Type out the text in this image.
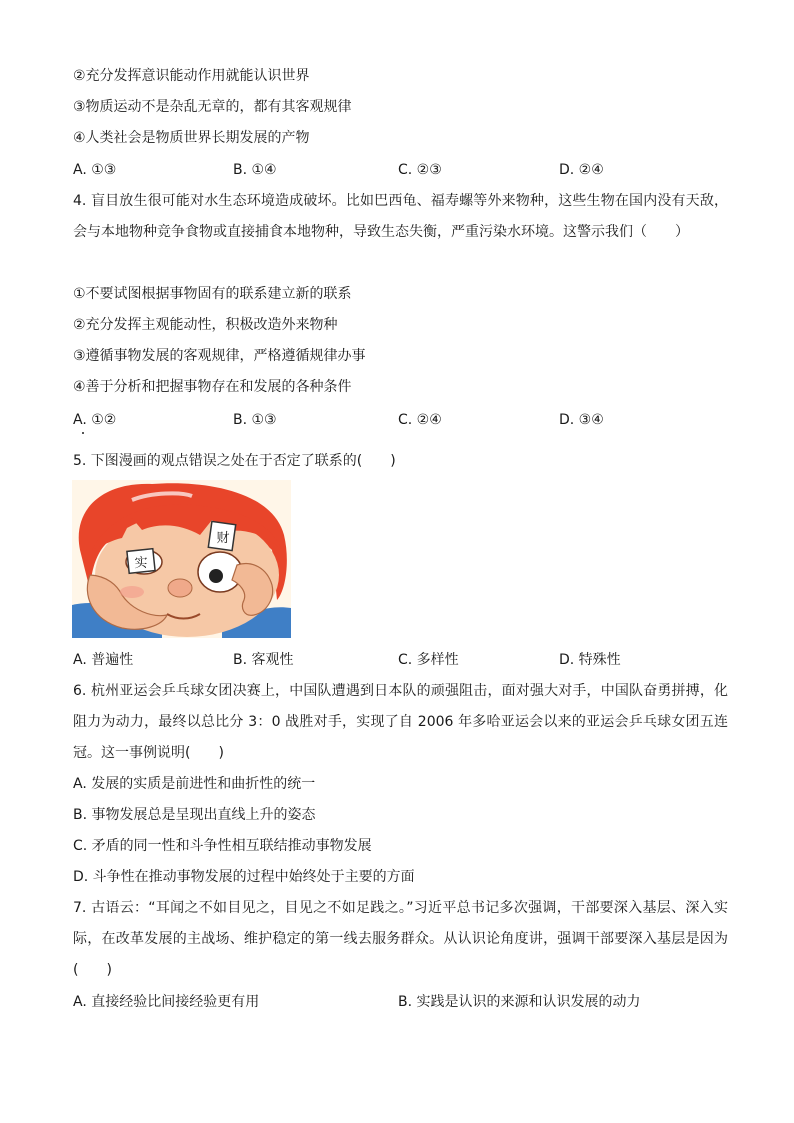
②充分发挥意识能动作用就能认识世界
③物质运动不是杂乱无章的，都有其客观规律
④人类社会是物质世界长期发展的产物
A. ①③	B. ①④	C. ②③	D. ②④
4. 盲目放生很可能对水生态环境造成破坏。比如巴西龟、福寿螺等外来物种，这些生物在国内没有天敌，会与本地物种竞争食物或直接捕食本地物种，导致生态失衡，严重污染水环境。这警示我们（　　）
①不要试图根据事物固有的联系建立新的联系
②充分发挥主观能动性，积极改造外来物种
③遵循事物发展的客观规律，严格遵循规律办事
④善于分析和把握事物存在和发展的各种条件
A. ①②	B. ①③	C. ②④	D. ③④
5. 下图漫画的观点错误之处在于否定了联系的(　　)
实
财
A. 普遍性	B. 客观性	C. 多样性	D. 特殊性
6. 杭州亚运会乒乓球女团决赛上，中国队遭遇到日本队的顽强阻击，面对强大对手，中国队奋勇拼搏，化阻力为动力，最终以总比分 3：0 战胜对手，实现了自 2006 年多哈亚运会以来的亚运会乒乓球女团五连冠。这一事例说明(　　)
A. 发展的实质是前进性和曲折性的统一
B. 事物发展总是呈现出直线上升的姿态
C. 矛盾的同一性和斗争性相互联结推动事物发展
D. 斗争性在推动事物发展的过程中始终处于主要的方面
7. 古语云：“耳闻之不如目见之，目见之不如足践之。”习近平总书记多次强调，干部要深入基层、深入实际，在改革发展的主战场、维护稳定的第一线去服务群众。从认识论角度讲，强调干部要深入基层是因为(　　)
A. 直接经验比间接经验更有用	B. 实践是认识的来源和认识发展的动力
